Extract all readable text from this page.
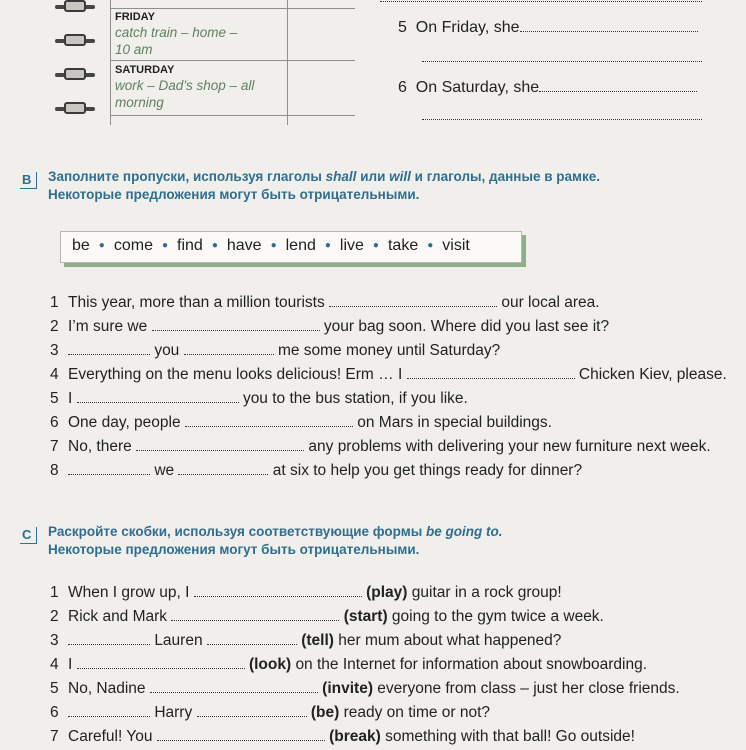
FRIDAY
catch train – home –
10 am
SATURDAY
work – Dad’s shop – all
morning
5 On Friday, she
6 On Saturday, she
B	Заполните пропуски, используя глаголы shall или will и глаголы, данные в рамке.
Некоторые предложения могут быть отрицательными.
be ● come ● find ● have ● lend ● live ● take ● visit

1 This year, more than a million tourists	our local area.
2 I’m sure we	your bag soon. Where did you last see it?
3	you	me some money until Saturday?
4 Everything on the menu looks delicious! Erm … I	Chicken Kiev, please.
5 I	you to the bus station, if you like.
6 One day, people	on Mars in special buildings.
7 No, there	any problems with delivering your new furniture next week.
8	we	at six to help you get things ready for dinner?
C	Раскройте скобки, используя соответствующие формы be going to.
Некоторые предложения могут быть отрицательными.
1 When I grow up, I	(play) guitar in a rock group!
2 Rick and Mark	(start) going to the gym twice a week.
3	Lauren	(tell) her mum about what happened?
4 I	(look) on the Internet for information about snowboarding.
5 No, Nadine	(invite) everyone from class – just her close friends.
6	Harry	(be) ready on time or not?
7 Careful! You	(break) something with that ball! Go outside!
